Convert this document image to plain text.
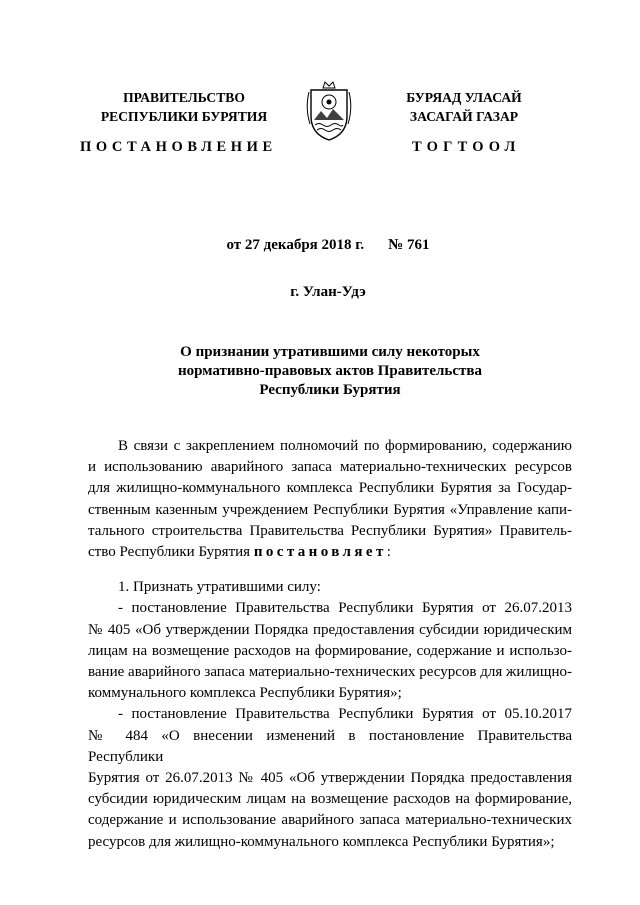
ПРАВИТЕЛЬСТВО
РЕСПУБЛИКИ БУРЯТИЯ
ПОСТАНОВЛЕНИЕ
БУРЯАД УЛАСАЙ
ЗАСАГАЙ ГАЗАР
ТОГТООЛ
от 27 декабря 2018 г. № 761
г. Улан-Удэ
О признании утратившими силу некоторых
нормативно-правовых актов Правительства
Республики Бурятия

В связи с закреплением полномочий по формированию, содержанию

и использованию аварийного запаса материально-технических ресурсов

для жилищно-коммунального комплекса Республики Бурятия за Государ-

ственным казенным учреждением Республики Бурятия «Управление капи-

тального строительства Правительства Республики Бурятия» Правитель-

ство Республики Бурятия постановляет:

1. Признать утратившими силу:

- постановление Правительства Республики Бурятия от 26.07.2013

№ 405 «Об утверждении Порядка предоставления субсидии юридическим

лицам на возмещение расходов на формирование, содержание и использо-

вание аварийного запаса материально-технических ресурсов для жилищно-

коммунального комплекса Республики Бурятия»;

- постановление Правительства Республики Бурятия от 05.10.2017

№ 484 «О внесении изменений в постановление Правительства Республики

Бурятия от 26.07.2013 № 405 «Об утверждении Порядка предоставления

субсидии юридическим лицам на возмещение расходов на формирование,

содержание и использование аварийного запаса материально-технических

ресурсов для жилищно-коммунального комплекса Республики Бурятия»;
